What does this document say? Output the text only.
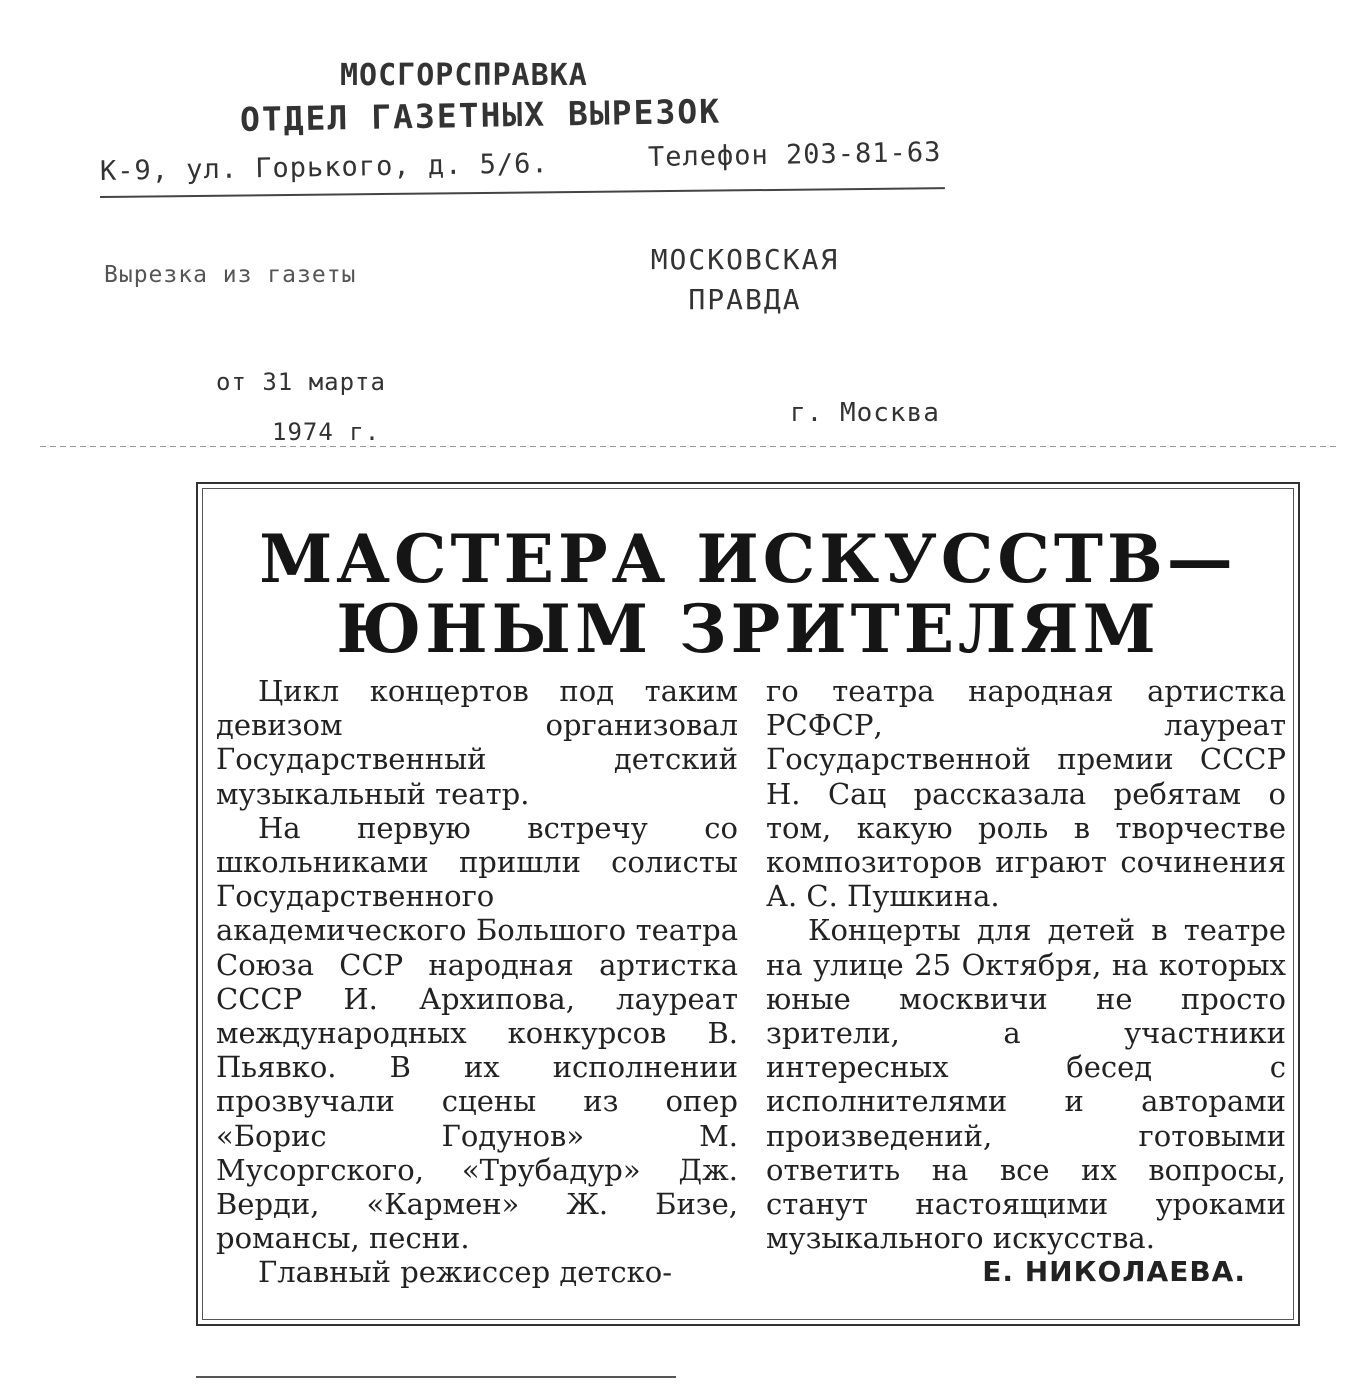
МОСГОРСПРАВКА
ОТДЕЛ ГАЗЕТНЫХ ВЫРЕЗОК
К-9, ул. Горького, д. 5/6.	Телефон 203-81-63
Вырезка из газеты	МОСКОВСКАЯ
ПРАВДА
от 31 марта
1974 г.
г. Москва
МАСТЕРА ИСКУССТВ—
ЮНЫМ ЗРИТЕЛЯМ

Цикл концертов под таким девизом организовал Государственный детский музыкальный театр.

На первую встречу со школьниками пришли солисты Государственного академического Большого театра Союза ССР народная артистка СССР И. Архипова, лауреат международных конкурсов В. Пьявко. В их исполнении прозвучали сцены из опер «Борис Годунов» М. Мусоргского, «Трубадур» Дж. Верди, «Кармен» Ж. Бизе, романсы, песни.

Главный режиссер детско-

го театра народная артистка РСФСР, лауреат Государственной премии СССР Н. Сац рассказала ребятам о том, какую роль в творчестве композиторов играют сочинения А. С. Пушкина.

Концерты для детей в театре на улице 25 Октября, на которых юные москвичи не просто зрители, а участники интересных бесед с исполнителями и авторами произведений, готовыми ответить на все их вопросы, станут настоящими уроками музыкального искусства.

Е. НИКОЛАЕВА.
